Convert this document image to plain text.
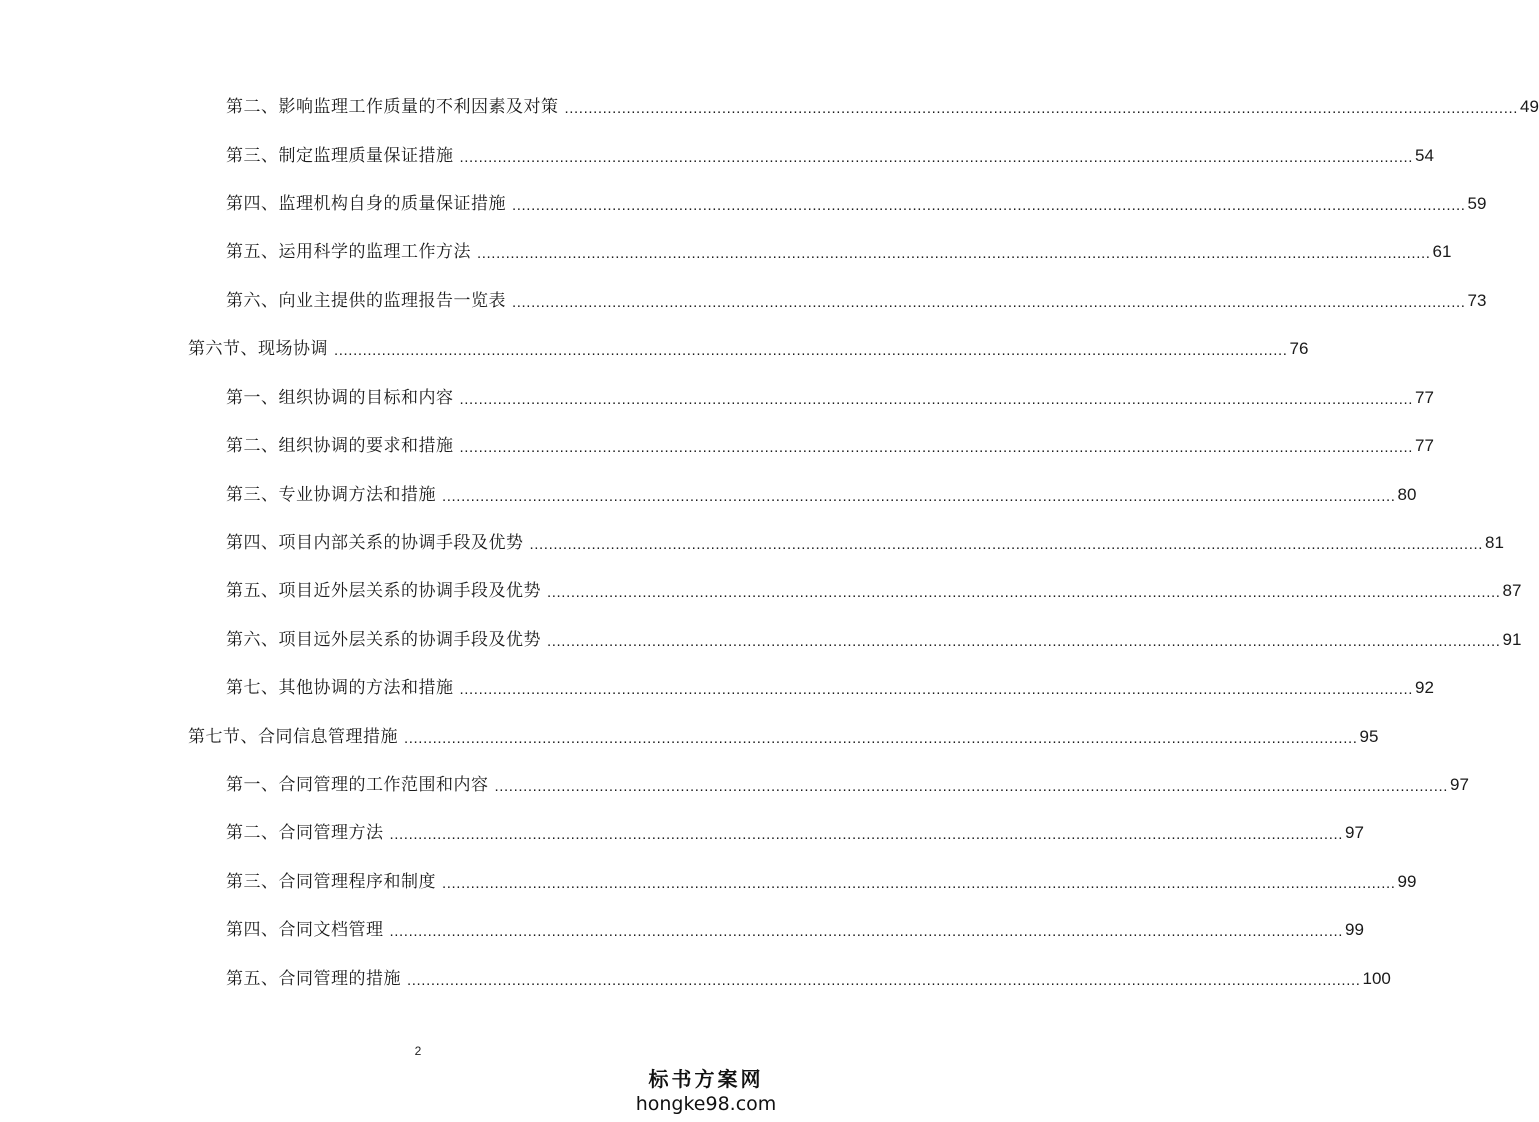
第二、影响监理工作质量的不利因素及对策 ........................................................................................................................................................................................................ 49
第三、制定监理质量保证措施 ........................................................................................................................................................................................................ 54
第四、监理机构自身的质量保证措施 ........................................................................................................................................................................................................ 59
第五、运用科学的监理工作方法 ........................................................................................................................................................................................................ 61
第六、向业主提供的监理报告一览表 ........................................................................................................................................................................................................ 73
第六节、现场协调 ........................................................................................................................................................................................................ 76
第一、组织协调的目标和内容 ........................................................................................................................................................................................................ 77
第二、组织协调的要求和措施 ........................................................................................................................................................................................................ 77
第三、专业协调方法和措施 ........................................................................................................................................................................................................ 80
第四、项目内部关系的协调手段及优势 ........................................................................................................................................................................................................ 81
第五、项目近外层关系的协调手段及优势 ........................................................................................................................................................................................................ 87
第六、项目远外层关系的协调手段及优势 ........................................................................................................................................................................................................ 91
第七、其他协调的方法和措施 ........................................................................................................................................................................................................ 92
第七节、合同信息管理措施 ........................................................................................................................................................................................................ 95
第一、合同管理的工作范围和内容 ........................................................................................................................................................................................................ 97
第二、合同管理方法 ........................................................................................................................................................................................................ 97
第三、合同管理程序和制度 ........................................................................................................................................................................................................ 99
第四、合同文档管理 ........................................................................................................................................................................................................ 99
第五、合同管理的措施 ........................................................................................................................................................................................................ 100
2
标书方案网
hongke98.com
